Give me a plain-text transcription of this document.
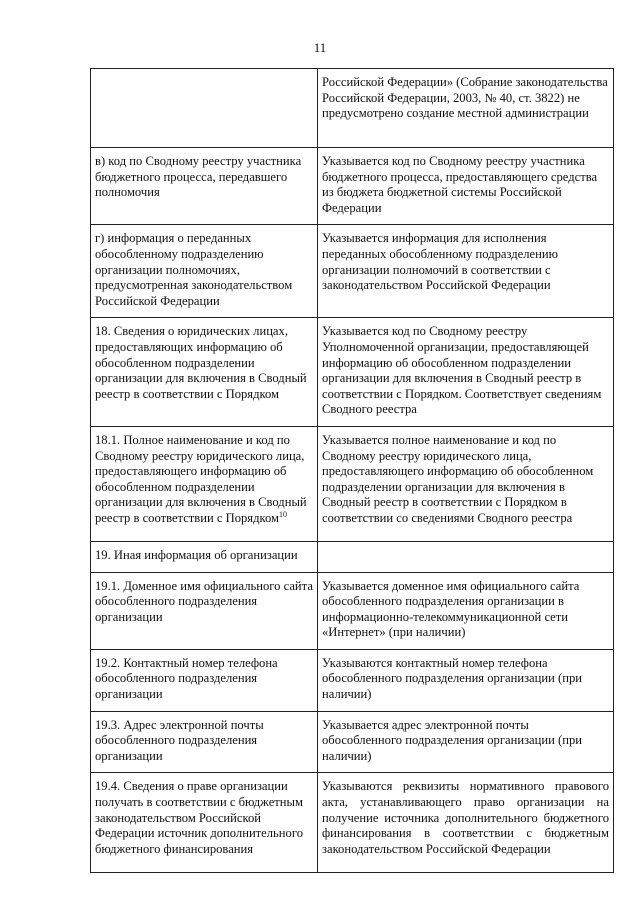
11
	Российской Федерации» (Собрание законодательства Российской Федерации, 2003, № 40, ст. 3822) не предусмотрено создание местной администрации
в) код по Сводному реестру участника бюджетного процесса, передавшего полномочия	Указывается код по Сводному реестру участника бюджетного процесса, предоставляющего средства из бюджета бюджетной системы Российской Федерации
г) информация о переданных обособленному подразделению организации полномочиях, предусмотренная законодательством Российской Федерации	Указывается информация для исполнения переданных обособленному подразделению организации полномочий в соответствии с законодательством Российской Федерации
18. Сведения о юридических лицах, предоставляющих информацию об обособленном подразделении организации для включения в Сводный реестр в соответствии с Порядком	Указывается код по Сводному реестру Уполномоченной организации, предоставляющей информацию об обособленном подразделении организации для включения в Сводный реестр в соответствии с Порядком. Соответствует сведениям Сводного реестра
18.1. Полное наименование и код по Сводному реестру юридического лица, предоставляющего информацию об обособленном подразделении организации для включения в Сводный реестр в соответствии с Порядком$^{10}$	Указывается полное наименование и код по Сводному реестру юридического лица, предоставляющего информацию об обособленном подразделении организации для включения в Сводный реестр в соответствии с Порядком в соответствии со сведениями Сводного реестра
19. Иная информация об организации	
19.1. Доменное имя официального сайта обособленного подразделения организации	Указывается доменное имя официального сайта обособленного подразделения организации в информационно-телекоммуникационной сети «Интернет» (при наличии)
19.2. Контактный номер телефона обособленного подразделения организации	Указываются контактный номер телефона обособленного подразделения организации (при наличии)
19.3. Адрес электронной почты обособленного подразделения организации	Указывается адрес электронной почты обособленного подразделения организации (при наличии)
19.4. Сведения о праве организации получать в соответствии с бюджетным законодательством Российской Федерации источник дополнительного бюджетного финансирования	Указываются реквизиты нормативного правового акта, устанавливающего право организации на получение источника дополнительного бюджетного финансирования в соответствии с бюджетным законодательством Российской Федерации
